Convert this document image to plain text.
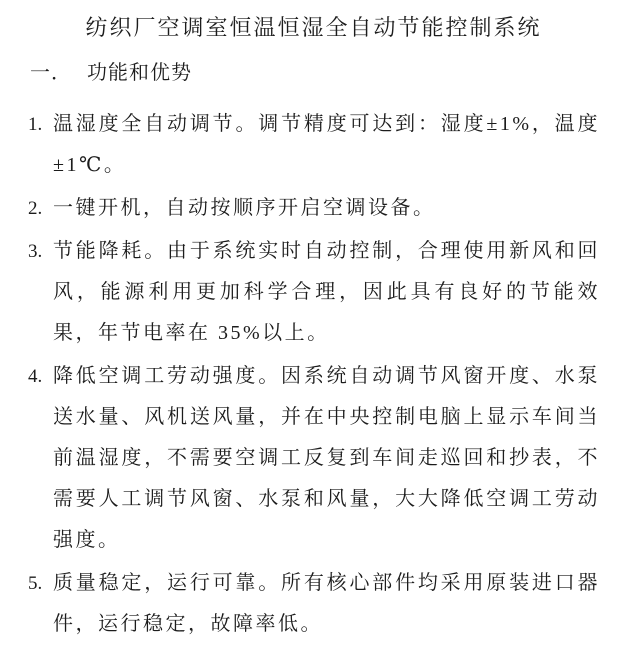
纺织厂空调室恒温恒湿全自动节能控制系统
一． 功能和优势
1. 温湿度全自动调节。调节精度可达到：湿度±1%，温度±1℃。
2. 一键开机，自动按顺序开启空调设备。
3. 节能降耗。由于系统实时自动控制，合理使用新风和回风，能源利用更加科学合理，因此具有良好的节能效果，年节电率在 35%以上。
4. 降低空调工劳动强度。因系统自动调节风窗开度、水泵送水量、风机送风量，并在中央控制电脑上显示车间当前温湿度，不需要空调工反复到车间走巡回和抄表，不需要人工调节风窗、水泵和风量，大大降低空调工劳动强度。
5. 质量稳定，运行可靠。所有核心部件均采用原装进口器件，运行稳定，故障率低。
